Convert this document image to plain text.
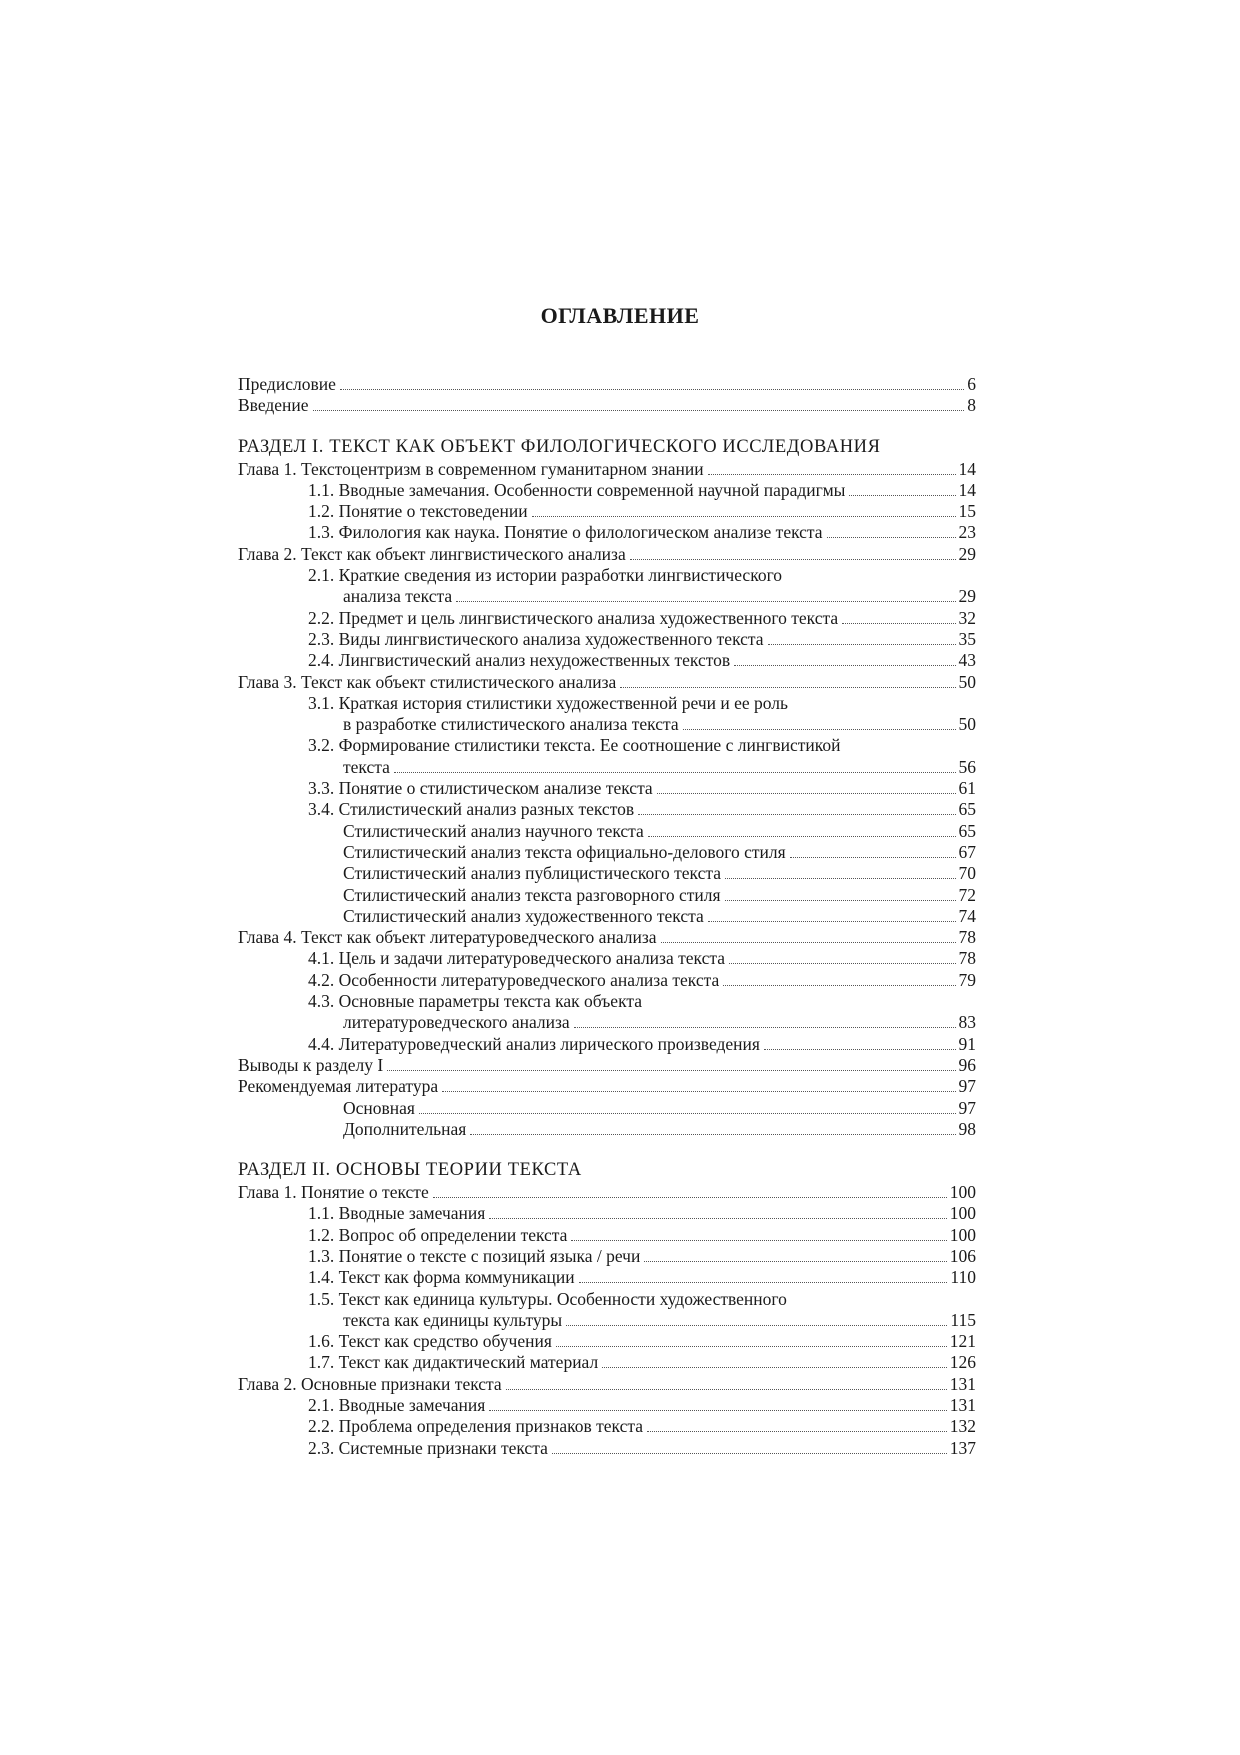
ОГЛАВЛЕНИЕ
Предисловие	6
Введение	8
РАЗДЕЛ I. ТЕКСТ КАК ОБЪЕКТ ФИЛОЛОГИЧЕСКОГО ИССЛЕДОВАНИЯ
Глава 1. Текстоцентризм в современном гуманитарном знании	14
1.1. Вводные замечания. Особенности современной научной парадигмы	14
1.2. Понятие о текстоведении	15
1.3. Филология как наука. Понятие о филологическом анализе текста	23
Глава 2. Текст как объект лингвистического анализа	29
2.1. Краткие сведения из истории разработки лингвистического
анализа текста	29
2.2. Предмет и цель лингвистического анализа художественного текста	32
2.3. Виды лингвистического анализа художественного текста	35
2.4. Лингвистический анализ нехудожественных текстов	43
Глава 3. Текст как объект стилистического анализа	50
3.1. Краткая история стилистики художественной речи и ее роль
в разработке стилистического анализа текста	50
3.2. Формирование стилистики текста. Ее соотношение с лингвистикой
текста	56
3.3. Понятие о стилистическом анализе текста	61
3.4. Стилистический анализ разных текстов	65
Стилистический анализ научного текста	65
Стилистический анализ текста официально-делового стиля	67
Стилистический анализ публицистического текста	70
Стилистический анализ текста разговорного стиля	72
Стилистический анализ художественного текста	74
Глава 4. Текст как объект литературоведческого анализа	78
4.1. Цель и задачи литературоведческого анализа текста	78
4.2. Особенности литературоведческого анализа текста	79
4.3. Основные параметры текста как объекта
литературоведческого анализа	83
4.4. Литературоведческий анализ лирического произведения	91
Выводы к разделу I	96
Рекомендуемая литература	97
Основная	97
Дополнительная	98
РАЗДЕЛ II. ОСНОВЫ ТЕОРИИ ТЕКСТА
Глава 1. Понятие о тексте	100
1.1. Вводные замечания	100
1.2. Вопрос об определении текста	100
1.3. Понятие о тексте с позиций языка / речи	106
1.4. Текст как форма коммуникации	110
1.5. Текст как единица культуры. Особенности художественного
текста как единицы культуры	115
1.6. Текст как средство обучения	121
1.7. Текст как дидактический материал	126
Глава 2. Основные признаки текста	131
2.1. Вводные замечания	131
2.2. Проблема определения признаков текста	132
2.3. Системные признаки текста	137
